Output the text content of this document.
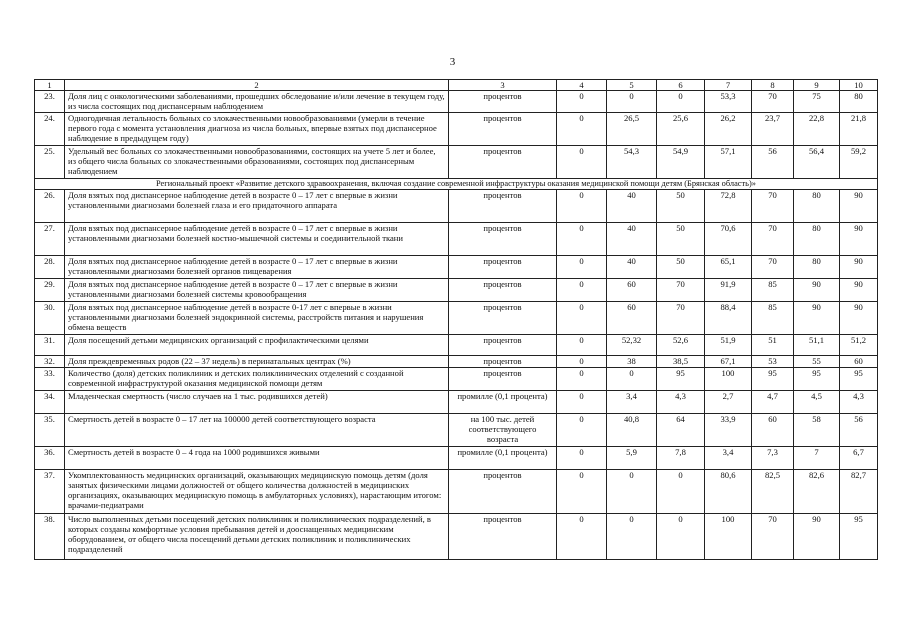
3
1	2	3	4	5	6	7	8	9	10
23.	Доля лиц с онкологическими заболеваниями, прошедших обследование и/или лечение в текущем году, из числа состоящих под диспансерным наблюдением	процентов	0	0	0	53,3	70	75	80
24.	Одногодичная летальность больных со злокачественными новообразованиями (умерли в течение первого года с момента установления диагноза из числа больных, впервые взятых под диспансерное наблюдение в предыдущем году)	процентов	0	26,5	25,6	26,2	23,7	22,8	21,8
25.	Удельный вес больных со злокачественными новообразованиями, состоящих на учете 5 лет и более, из общего числа больных со злокачественными образованиями, состоящих под диспансерным наблюдением	процентов	0	54,3	54,9	57,1	56	56,4	59,2
Региональный проект «Развитие детского здравоохранения, включая создание современной инфраструктуры оказания медицинской помощи детям (Брянская область)»									
26.	Доля взятых под диспансерное наблюдение детей в возрасте 0 – 17 лет с впервые в жизни установленными диагнозами болезней глаза и его придаточного аппарата	процентов	0	40	50	72,8	70	80	90
27.	Доля взятых под диспансерное наблюдение детей в возрасте 0 – 17 лет с впервые в жизни установленными диагнозами болезней костно-мышечной системы и соединительной ткани	процентов	0	40	50	70,6	70	80	90
28.	Доля взятых под диспансерное наблюдение детей в возрасте 0 – 17 лет с впервые в жизни установленными диагнозами болезней органов пищеварения	процентов	0	40	50	65,1	70	80	90
29.	Доля взятых под диспансерное наблюдение детей в возрасте 0 – 17 лет с впервые в жизни установленными диагнозами болезней системы кровообращения	процентов	0	60	70	91,9	85	90	90
30.	Доля взятых под диспансерное наблюдение детей в возрасте 0-17 лет с впервые в жизни установленными диагнозами болезней эндокринной системы, расстройств питания и нарушения обмена веществ	процентов	0	60	70	88,4	85	90	90
31.	Доля посещений детьми медицинских организаций с профилактическими целями	процентов	0	52,32	52,6	51,9	51	51,1	51,2
32.	Доля преждевременных родов (22 – 37 недель) в перинатальных центрах (%)	процентов	0	38	38,5	67,1	53	55	60
33.	Количество (доля) детских поликлиник и детских поликлинических отделений с созданной современной инфраструктурой оказания медицинской помощи детям	процентов	0	0	95	100	95	95	95
34.	Младенческая смертность (число случаев на 1 тыс. родившихся детей)	промилле (0,1 процента)	0	3,4	4,3	2,7	4,7	4,5	4,3
35.	Смертность детей в возрасте 0 – 17 лет на 100000 детей соответствующего возраста	на 100 тыс. детей соответствующего возраста	0	40,8	64	33,9	60	58	56
36.	Смертность детей в возрасте 0 – 4 года на 1000 родившихся живыми	промилле (0,1 процента)	0	5,9	7,8	3,4	7,3	7	6,7
37.	Укомплектованность медицинских организаций, оказывающих медицинскую помощь детям (доля занятых физическими лицами должностей от общего количества должностей в медицинских организациях, оказывающих медицинскую помощь в амбулаторных условиях), нарастающим итогом: врачами-педиатрами	процентов	0	0	0	80,6	82,5	82,6	82,7
38.	Число выполненных детьми посещений детских поликлиник и поликлинических подразделений, в которых созданы комфортные условия пребывания детей и дооснащенных медицинским оборудованием, от общего числа посещений детьми детских поликлиник и поликлинических подразделений	процентов	0	0	0	100	70	90	95
